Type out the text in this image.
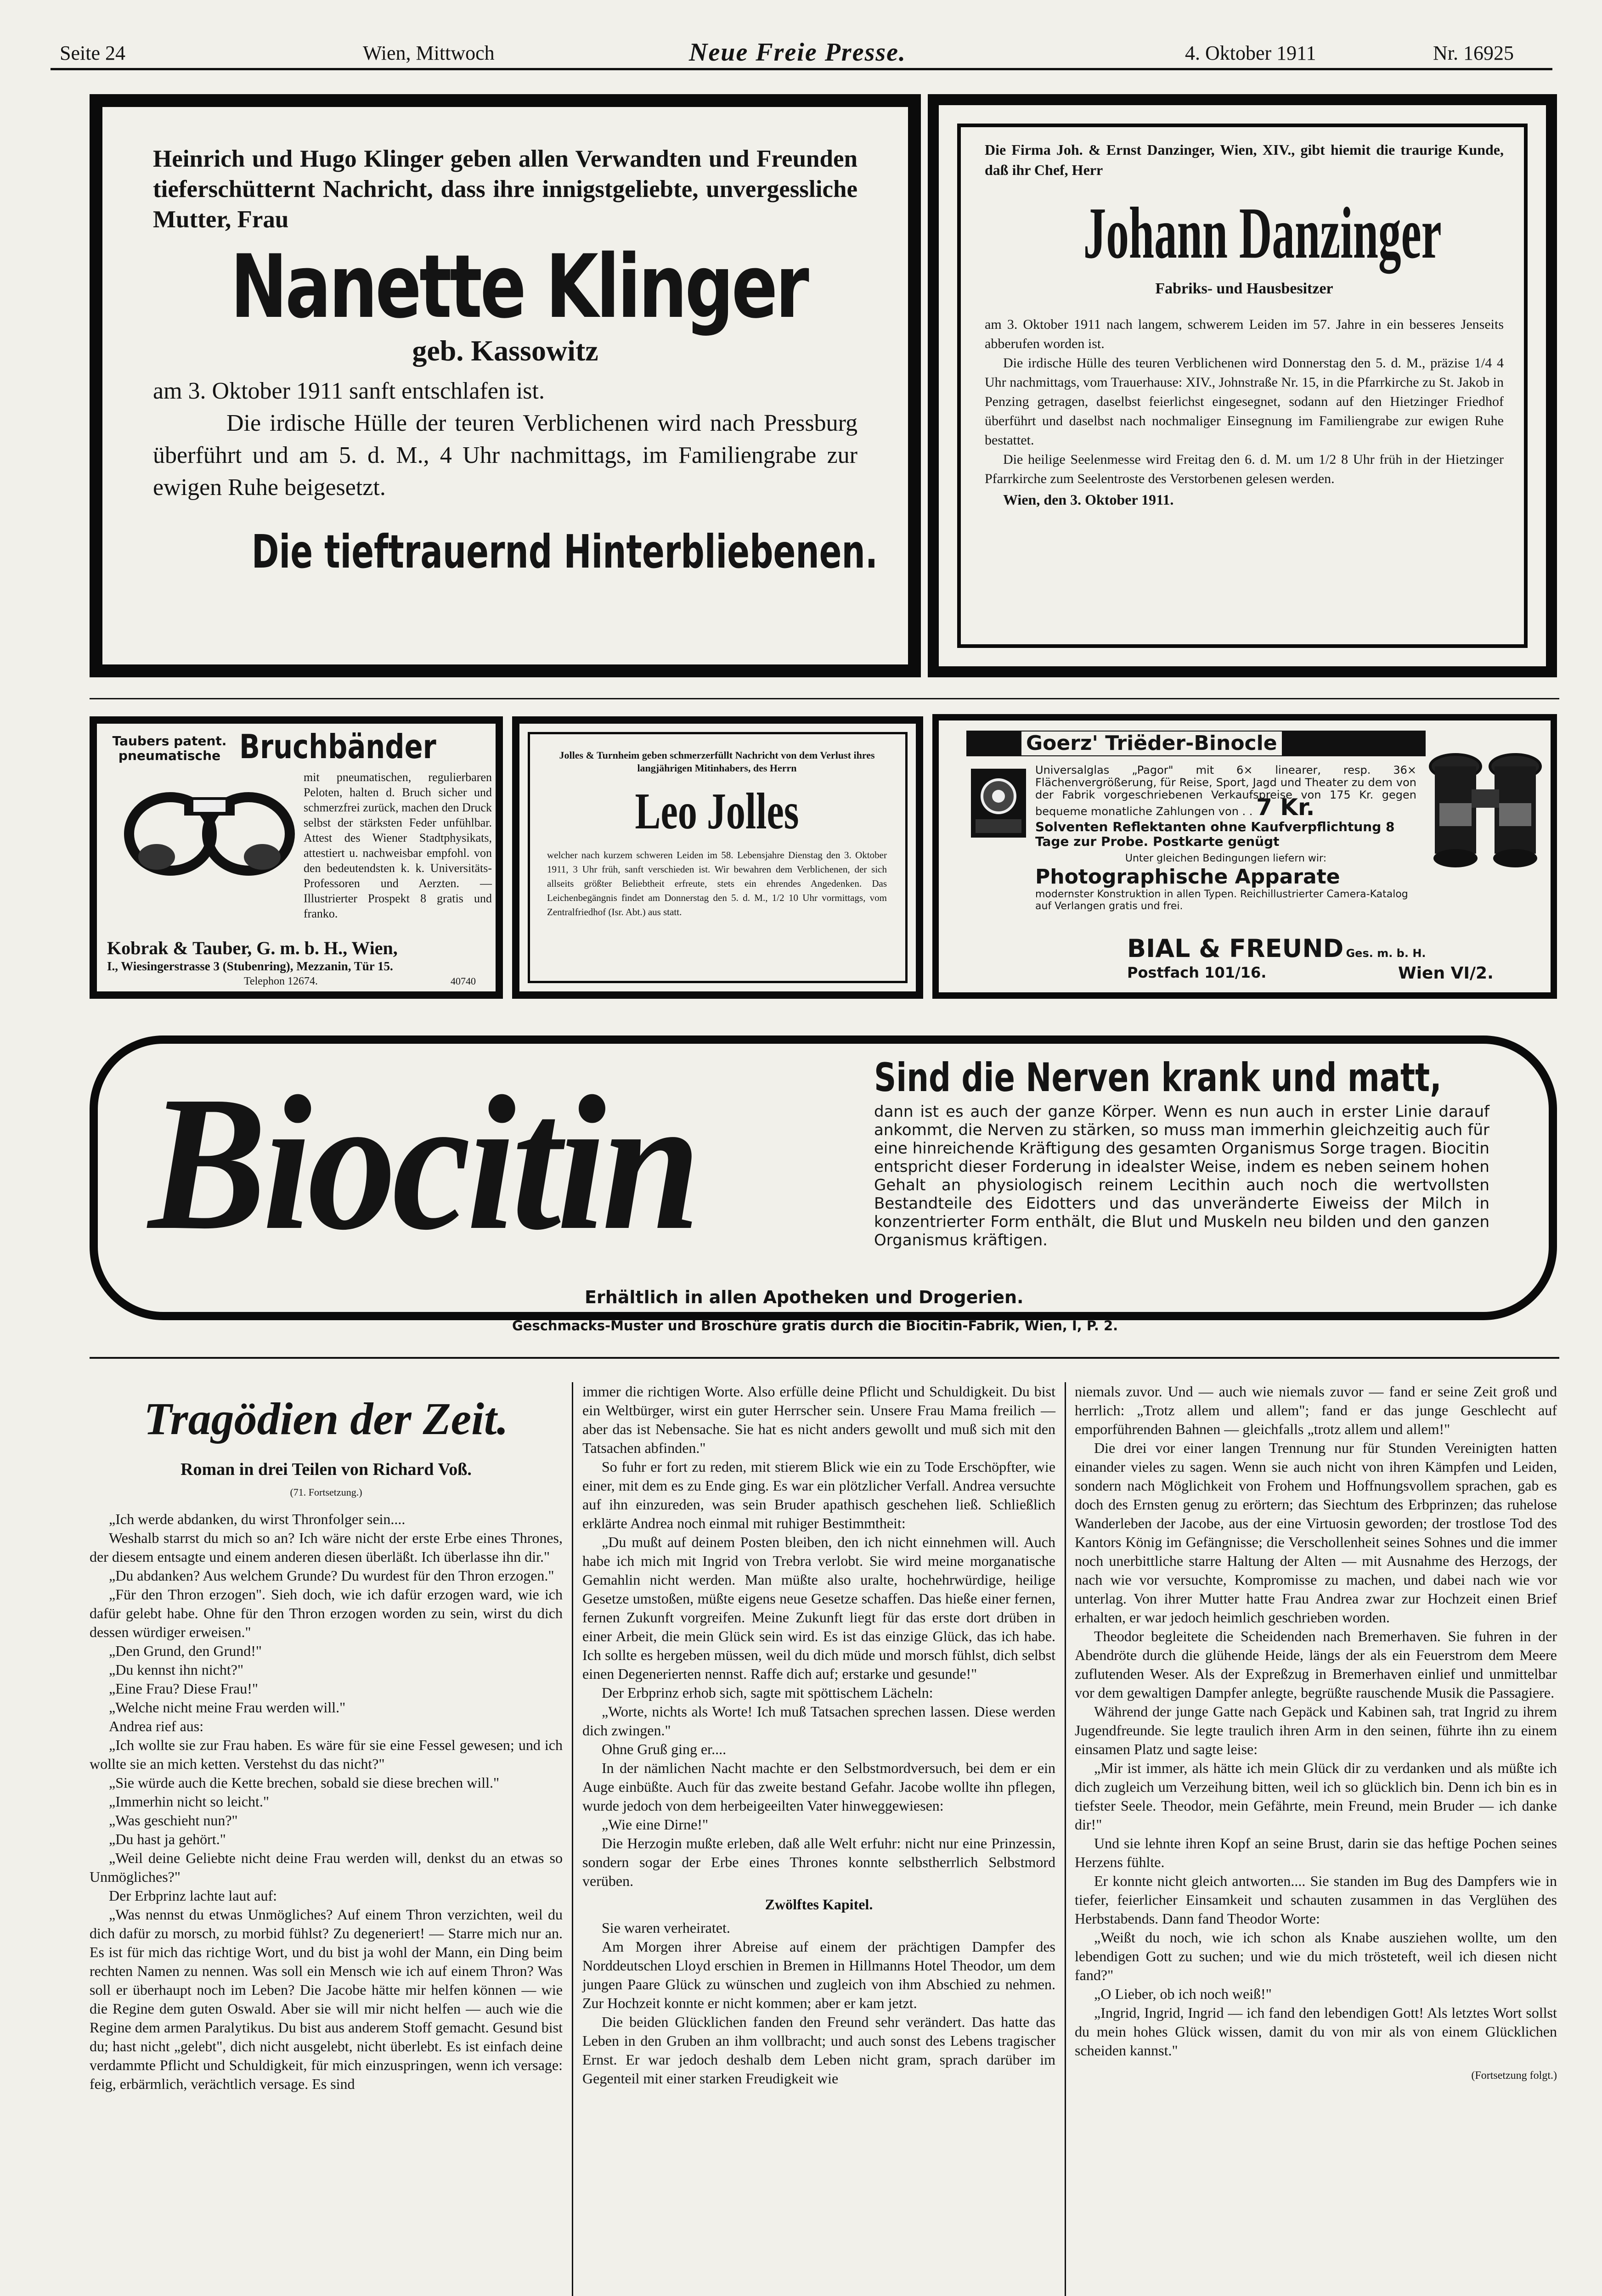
Seite 24	Wien, Mittwoch	Neue Freie Presse.	4. Oktober 1911	Nr. 16925

Heinrich und Hugo Klinger geben allen Verwandten und Freunden tieferschütternt Nachricht, dass ihre innigstgeliebte, unvergessliche Mutter, Frau

Nanette Klinger
geb. Kassowitz

am 3. Oktober 1911 sanft entschlafen ist.

Die irdische Hülle der teuren Verblichenen wird nach Pressburg überführt und am 5. d. M., 4 Uhr nachmittags, im Familiengrabe zur ewigen Ruhe beigesetzt.

Die tieftrauernd Hinterbliebenen.

Die Firma Joh. & Ernst Danzinger, Wien, XIV., gibt hiemit die traurige Kunde, daß ihr Chef, Herr

Johann Danzinger
Fabriks- und Hausbesitzer

am 3. Oktober 1911 nach langem, schwerem Leiden im 57. Jahre in ein besseres Jenseits abberufen worden ist.

Die irdische Hülle des teuren Verblichenen wird Donnerstag den 5. d. M., präzise 1/4 4 Uhr nachmittags, vom Trauerhause: XIV., Johnstraße Nr. 15, in die Pfarrkirche zu St. Jakob in Penzing getragen, daselbst feierlichst eingesegnet, sodann auf den Hietzinger Friedhof überführt und daselbst nach nochmaliger Einsegnung im Familiengrabe zur ewigen Ruhe bestattet.

Die heilige Seelenmesse wird Freitag den 6. d. M. um 1/2 8 Uhr früh in der Hietzinger Pfarrkirche zum Seelentroste des Verstorbenen gelesen werden.

Wien, den 3. Oktober 1911.

Taubers patent. pneumatische Bruchbänder

mit pneumatischen, regulierbaren Peloten, halten d. Bruch sicher und schmerzfrei zurück, machen den Druck selbst der stärksten Feder unfühlbar. Attest des Wiener Stadtphysikats, attestiert u. nachweisbar empfohl. von den bedeutendsten k. k. Universitäts-Professoren und Aerzten. — Illustrierter Prospekt 8 gratis und franko.

Kobrak & Tauber, G. m. b. H., Wien,
I., Wiesingerstrasse 3 (Stubenring), Mezzanin, Tür 15.
Telephon 12674.	40740

Jolles & Turnheim geben schmerzerfüllt Nachricht von dem Verlust ihres langjährigen Mitinhabers, des Herrn

Leo Jolles

welcher nach kurzem schweren Leiden im 58. Lebensjahre Dienstag den 3. Oktober 1911, 3 Uhr früh, sanft verschieden ist. Wir bewahren dem Verblichenen, der sich allseits größter Beliebtheit erfreute, stets ein ehrendes Angedenken. Das Leichenbegängnis findet am Donnerstag den 5. d. M., 1/2 10 Uhr vormittags, vom Zentralfriedhof (Isr. Abt.) aus statt.

Goerz' Triëder-Binocle

Universalglas „Pagor" mit 6× linearer, resp. 36× Flächenvergrößerung, für Reise, Sport, Jagd und Theater zu dem von der Fabrik vorgeschriebenen Verkaufspreise von 175 Kr. gegen bequeme monatliche Zahlungen von . . 7 Kr.

Solventen Reflektanten ohne Kaufverpflichtung 8 Tage zur Probe. Postkarte genügt

Unter gleichen Bedingungen liefern wir:

Photographische Apparate

modernster Konstruktion in allen Typen. Reichillustrierter Camera-Katalog auf Verlangen gratis und frei.

BIAL & FREUND Ges. m. b. H.
Postfach 101/16.	Wien VI/2.
Biocitin	Sind die Nerven krank und matt,

dann ist es auch der ganze Körper. Wenn es nun auch in erster Linie darauf ankommt, die Nerven zu stärken, so muss man immerhin gleichzeitig auch für eine hinreichende Kräftigung des gesamten Organismus Sorge tragen. Biocitin entspricht dieser Forderung in idealster Weise, indem es neben seinem hohen Gehalt an physiologisch reinem Lecithin auch noch die wertvollsten Bestandteile des Eidotters und das unveränderte Eiweiss der Milch in konzentrierter Form enthält, die Blut und Muskeln neu bilden und den ganzen Organismus kräftigen.

Erhältlich in allen Apotheken und Drogerien.
Geschmacks-Muster und Broschüre gratis durch die Biocitin-Fabrik, Wien, I, P. 2.
Tragödien der Zeit.
Roman in drei Teilen von Richard Voß.
(71. Fortsetzung.)

„Ich werde abdanken, du wirst Thronfolger sein....

Weshalb starrst du mich so an? Ich wäre nicht der erste Erbe eines Thrones, der diesem entsagte und einem anderen diesen überläßt. Ich überlasse ihn dir."

„Du abdanken? Aus welchem Grunde? Du wurdest für den Thron erzogen."

„Für den Thron erzogen". Sieh doch, wie ich dafür erzogen ward, wie ich dafür gelebt habe. Ohne für den Thron erzogen worden zu sein, wirst du dich dessen würdiger erweisen."

„Den Grund, den Grund!"

„Du kennst ihn nicht?"

„Eine Frau? Diese Frau!"

„Welche nicht meine Frau werden will."

Andrea rief aus:

„Ich wollte sie zur Frau haben. Es wäre für sie eine Fessel gewesen; und ich wollte sie an mich ketten. Verstehst du das nicht?"

„Sie würde auch die Kette brechen, sobald sie diese brechen will."

„Immerhin nicht so leicht."

„Was geschieht nun?"

„Du hast ja gehört."

„Weil deine Geliebte nicht deine Frau werden will, denkst du an etwas so Unmögliches?"

Der Erbprinz lachte laut auf:

„Was nennst du etwas Unmögliches? Auf einem Thron verzichten, weil du dich dafür zu morsch, zu morbid fühlst? Zu degeneriert! — Starre mich nur an. Es ist für mich das richtige Wort, und du bist ja wohl der Mann, ein Ding beim rechten Namen zu nennen. Was soll ein Mensch wie ich auf einem Thron? Was soll er überhaupt noch im Leben? Die Jacobe hätte mir helfen können — wie die Regine dem guten Oswald. Aber sie will mir nicht helfen — auch wie die Regine dem armen Paralytikus. Du bist aus anderem Stoff gemacht. Gesund bist du; hast nicht „gelebt", dich nicht ausgelebt, nicht überlebt. Es ist einfach deine verdammte Pflicht und Schuldigkeit, für mich einzuspringen, wenn ich versage: feig, erbärmlich, verächtlich versage. Es sind

immer die richtigen Worte. Also erfülle deine Pflicht und Schuldigkeit. Du bist ein Weltbürger, wirst ein guter Herrscher sein. Unsere Frau Mama freilich — aber das ist Nebensache. Sie hat es nicht anders gewollt und muß sich mit den Tatsachen abfinden."

So fuhr er fort zu reden, mit stierem Blick wie ein zu Tode Erschöpfter, wie einer, mit dem es zu Ende ging. Es war ein plötzlicher Verfall. Andrea versuchte auf ihn einzureden, was sein Bruder apathisch geschehen ließ. Schließlich erklärte Andrea noch einmal mit ruhiger Bestimmtheit:

„Du mußt auf deinem Posten bleiben, den ich nicht einnehmen will. Auch habe ich mich mit Ingrid von Trebra verlobt. Sie wird meine morganatische Gemahlin nicht werden. Man müßte also uralte, hochehrwürdige, heilige Gesetze umstoßen, müßte eigens neue Gesetze schaffen. Das hieße einer fernen, fernen Zukunft vorgreifen. Meine Zukunft liegt für das erste dort drüben in einer Arbeit, die mein Glück sein wird. Es ist das einzige Glück, das ich habe. Ich sollte es hergeben müssen, weil du dich müde und morsch fühlst, dich selbst einen Degenerierten nennst. Raffe dich auf; erstarke und gesunde!"

Der Erbprinz erhob sich, sagte mit spöttischem Lächeln:

„Worte, nichts als Worte! Ich muß Tatsachen sprechen lassen. Diese werden dich zwingen."

Ohne Gruß ging er....

In der nämlichen Nacht machte er den Selbstmordversuch, bei dem er ein Auge einbüßte. Auch für das zweite bestand Gefahr. Jacobe wollte ihn pflegen, wurde jedoch von dem herbeigeeilten Vater hinweggewiesen:

„Wie eine Dirne!"

Die Herzogin mußte erleben, daß alle Welt erfuhr: nicht nur eine Prinzessin, sondern sogar der Erbe eines Thrones konnte selbstherrlich Selbstmord verüben.

Zwölftes Kapitel.

Sie waren verheiratet.

Am Morgen ihrer Abreise auf einem der prächtigen Dampfer des Norddeutschen Lloyd erschien in Bremen in Hillmanns Hotel Theodor, um dem jungen Paare Glück zu wünschen und zugleich von ihm Abschied zu nehmen. Zur Hochzeit konnte er nicht kommen; aber er kam jetzt.

Die beiden Glücklichen fanden den Freund sehr verändert. Das hatte das Leben in den Gruben an ihm vollbracht; und auch sonst des Lebens tragischer Ernst. Er war jedoch deshalb dem Leben nicht gram, sprach darüber im Gegenteil mit einer starken Freudigkeit wie

niemals zuvor. Und — auch wie niemals zuvor — fand er seine Zeit groß und herrlich: „Trotz allem und allem"; fand er das junge Geschlecht auf emporführenden Bahnen — gleichfalls „trotz allem und allem!"

Die drei vor einer langen Trennung nur für Stunden Vereinigten hatten einander vieles zu sagen. Wenn sie auch nicht von ihren Kämpfen und Leiden, sondern nach Möglichkeit von Frohem und Hoffnungsvollem sprachen, gab es doch des Ernsten genug zu erörtern; das Siechtum des Erbprinzen; das ruhelose Wanderleben der Jacobe, aus der eine Virtuosin geworden; der trostlose Tod des Kantors König im Gefängnisse; die Verschollenheit seines Sohnes und die immer noch unerbittliche starre Haltung der Alten — mit Ausnahme des Herzogs, der nach wie vor versuchte, Kompromisse zu machen, und dabei nach wie vor unterlag. Von ihrer Mutter hatte Frau Andrea zwar zur Hochzeit einen Brief erhalten, er war jedoch heimlich geschrieben worden.

Theodor begleitete die Scheidenden nach Bremerhaven. Sie fuhren in der Abendröte durch die glühende Heide, längs der als ein Feuerstrom dem Meere zuflutenden Weser. Als der Expreßzug in Bremerhaven einlief und unmittelbar vor dem gewaltigen Dampfer anlegte, begrüßte rauschende Musik die Passagiere.

Während der junge Gatte nach Gepäck und Kabinen sah, trat Ingrid zu ihrem Jugendfreunde. Sie legte traulich ihren Arm in den seinen, führte ihn zu einem einsamen Platz und sagte leise:

„Mir ist immer, als hätte ich mein Glück dir zu verdanken und als müßte ich dich zugleich um Verzeihung bitten, weil ich so glücklich bin. Denn ich bin es in tiefster Seele. Theodor, mein Gefährte, mein Freund, mein Bruder — ich danke dir!"

Und sie lehnte ihren Kopf an seine Brust, darin sie das heftige Pochen seines Herzens fühlte.

Er konnte nicht gleich antworten.... Sie standen im Bug des Dampfers wie in tiefer, feierlicher Einsamkeit und schauten zusammen in das Verglühen des Herbstabends. Dann fand Theodor Worte:

„Weißt du noch, wie ich schon als Knabe ausziehen wollte, um den lebendigen Gott zu suchen; und wie du mich trösteteft, weil ich diesen nicht fand?"

„O Lieber, ob ich noch weiß!"

„Ingrid, Ingrid, Ingrid — ich fand den lebendigen Gott! Als letztes Wort sollst du mein hohes Glück wissen, damit du von mir als von einem Glücklichen scheiden kannst."

(Fortsetzung folgt.)
